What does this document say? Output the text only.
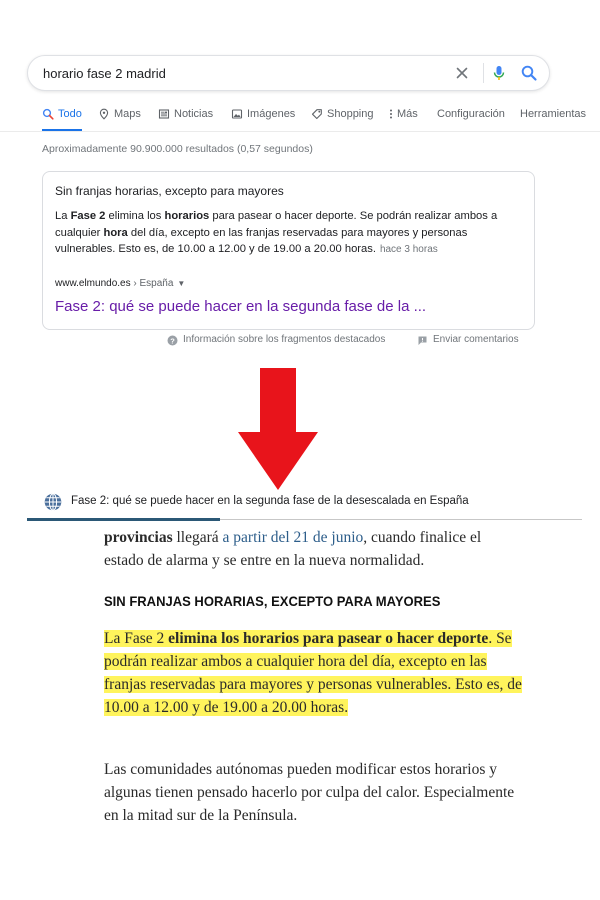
horario fase 2 madrid
Todo	Maps	Noticias	Imágenes	Shopping Más Configuración Herramientas
Aproximadamente 90.900.000 resultados (0,57 segundos)
Sin franjas horarias, excepto para mayores
La Fase 2 elimina los horarios para pasear o hacer deporte. Se podrán realizar ambos a cualquier hora del día, excepto en las franjas reservadas para mayores y personas vulnerables. Esto es, de 10.00 a 12.00 y de 19.00 a 20.00 horas. hace 3 horas
www.elmundo.es › España ▼
Fase 2: qué se puede hacer en la segunda fase de la ...
? Información sobre los fragmentos destacados	Enviar comentarios
Fase 2: qué se puede hacer en la segunda fase de la desescalada en España
provincias llegará a partir del 21 de junio, cuando finalice el estado de alarma y se entre en la nueva normalidad.
SIN FRANJAS HORARIAS, EXCEPTO PARA MAYORES
La Fase 2 elimina los horarios para pasear o hacer deporte. Se podrán realizar ambos a cualquier hora del día, excepto en las franjas reservadas para mayores y personas vulnerables. Esto es, de 10.00 a 12.00 y de 19.00 a 20.00 horas.
Las comunidades autónomas pueden modificar estos horarios y algunas tienen pensado hacerlo por culpa del calor. Especialmente en la mitad sur de la Península.
